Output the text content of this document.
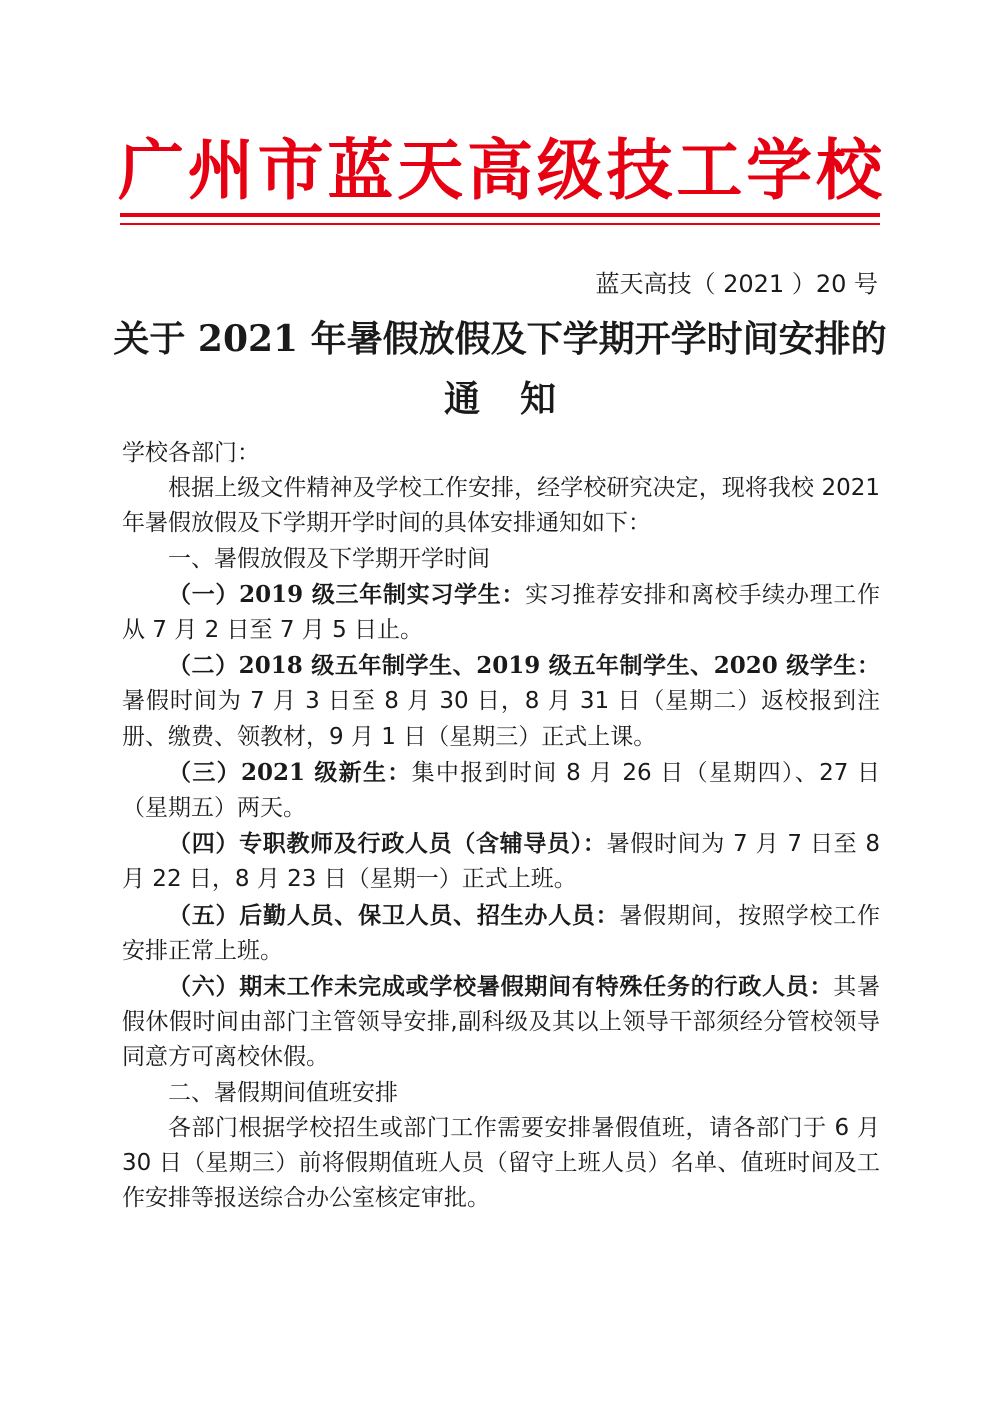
广 州 市 蓝 天 高 级 技 工 学 校
蓝天高技（ 2021 ）20 号
关于 2021 年暑假放假及下学期开学时间安排的
通知

学校各部门：

根据上级文件精神及学校工作安排，经学校研究决定，现将我校 2021 年暑假放假及下学期开学时间的具体安排通知如下：

一、暑假放假及下学期开学时间

（一）2019 级三年制实习学生：实习推荐安排和离校手续办理工作从 7 月 2 日至 7 月 5 日止。

（二）2018 级五年制学生、2019 级五年制学生、2020 级学生：暑假时间为 7 月 3 日至 8 月 30 日，8 月 31 日（星期二）返校报到注册、缴费、领教材，9 月 1 日（星期三）正式上课。

（三）2021 级新生：集中报到时间 8 月 26 日（星期四）、27 日（星期五）两天。

（四）专职教师及行政人员（含辅导员）：暑假时间为 7 月 7 日至 8 月 22 日，8 月 23 日（星期一）正式上班。

（五）后勤人员、保卫人员、招生办人员：暑假期间，按照学校工作安排正常上班。

（六）期末工作未完成或学校暑假期间有特殊任务的行政人员：其暑假休假时间由部门主管领导安排,副科级及其以上领导干部须经分管校领导同意方可离校休假。

二、暑假期间值班安排

各部门根据学校招生或部门工作需要安排暑假值班，请各部门于 6 月 30 日（星期三）前将假期值班人员（留守上班人员）名单、值班时间及工作安排等报送综合办公室核定审批。
